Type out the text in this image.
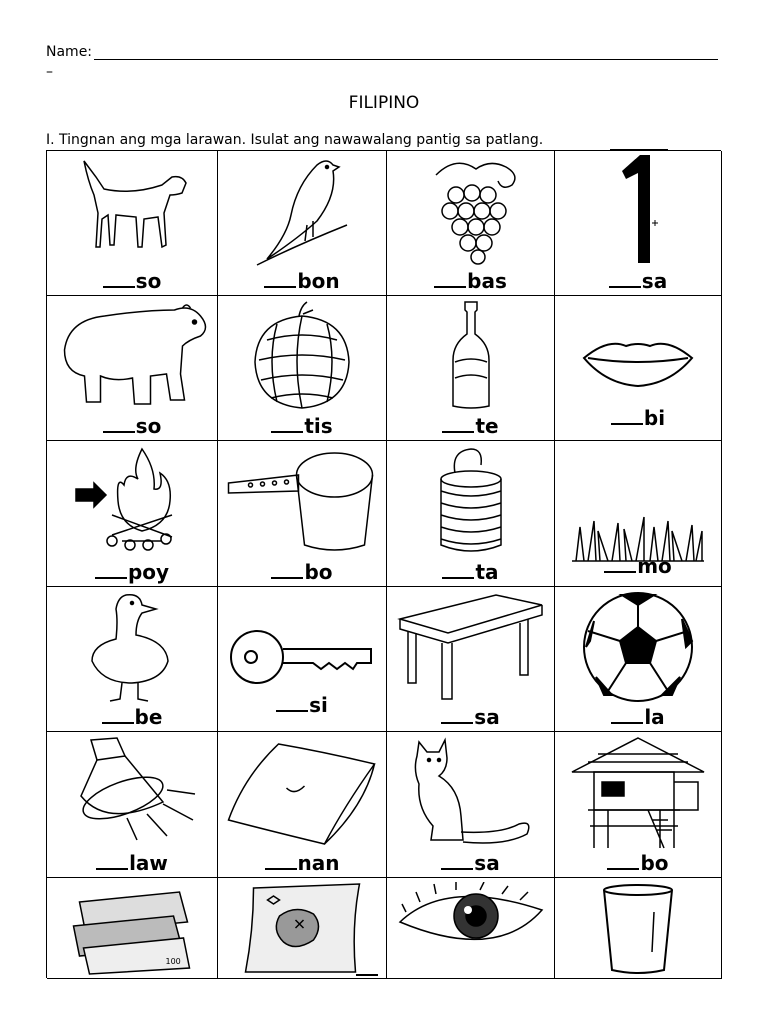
Name:
–
FILIPINO
I. Tingnan ang mga larawan. Isulat ang nawawalang pantig sa patlang.
so	bon	bas	sa
so	tis	te	bi
poy	bo	ta	mo
be	si	sa	la
law	nan	sa	bo
100
